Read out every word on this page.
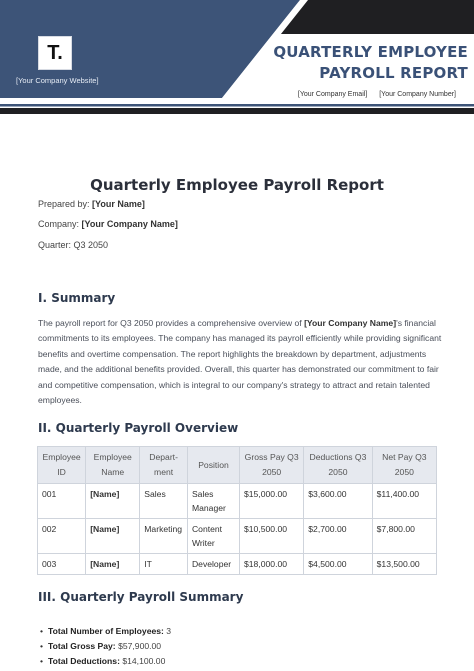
T.
[Your Company Website]
QUARTERLY EMPLOYEE
PAYROLL REPORT
[Your Company Email] [Your Company Number]
Quarterly Employee Payroll Report
Prepared by: [Your Name]
Company: [Your Company Name]
Quarter: Q3 2050
I. Summary
The payroll report for Q3 2050 provides a comprehensive overview of [Your Company Name]'s financial commitments to its employees. The company has managed its payroll efficiently while providing significant benefits and overtime compensation. The report highlights the breakdown by department, adjustments made, and the additional benefits provided. Overall, this quarter has demonstrated our commitment to fair and competitive compensation, which is integral to our company's strategy to attract and retain talented employees.
II. Quarterly Payroll Overview
Employee ID	Employee Name	Depart-ment	Position	Gross Pay Q3 2050	Deductions Q3 2050	Net Pay Q3 2050
001	[Name]	Sales	Sales Manager	$15,000.00	$3,600.00	$11,400.00
002	[Name]	Marketing	Content Writer	$10,500.00	$2,700.00	$7,800.00
003	[Name]	IT	Developer	$18,000.00	$4,500.00	$13,500.00
III. Quarterly Payroll Summary
• Total Number of Employees: 3
• Total Gross Pay: $57,900.00
• Total Deductions: $14,100.00
